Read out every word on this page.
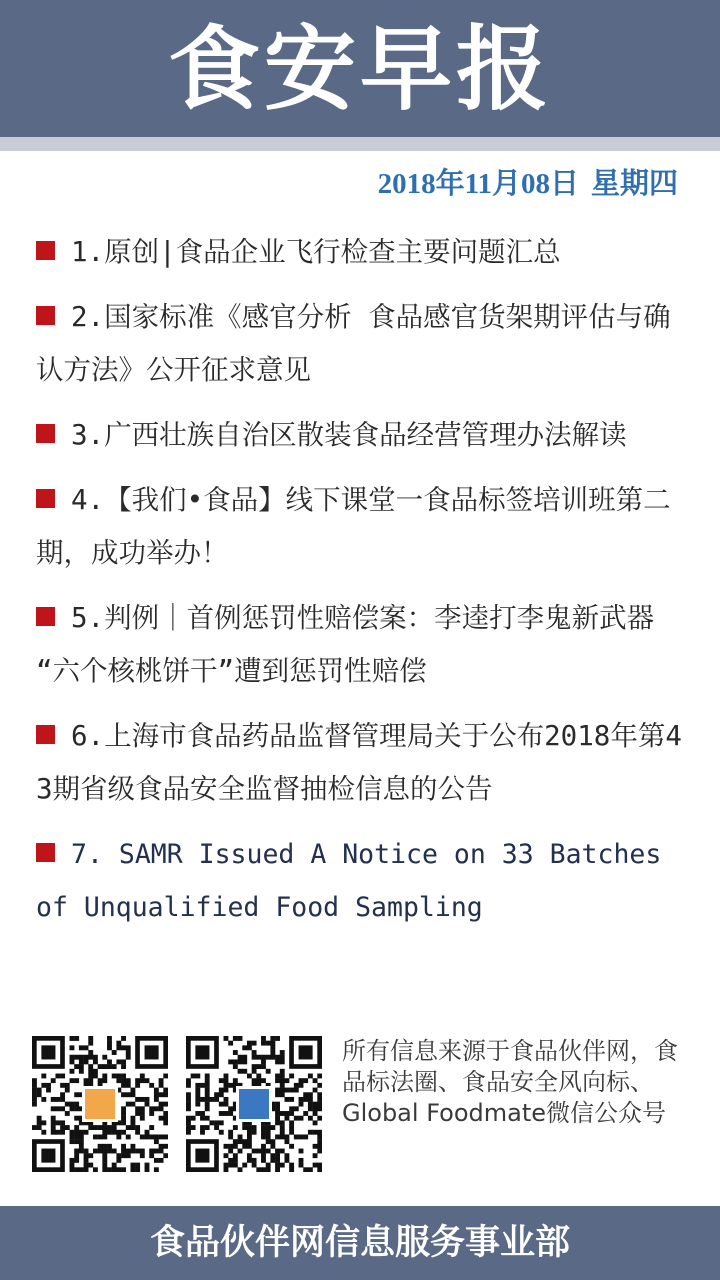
食安早报
2018年11月08日 星期四
1.原创|食品企业飞行检查主要问题汇总
2.国家标准《感官分析 食品感官货架期评估与确认方法》公开征求意见
3.广西壮族自治区散装食品经营管理办法解读
4.【我们•食品】线下课堂一食品标签培训班第二期，成功举办！
5.判例｜首例惩罚性赔偿案：李逵打李鬼新武器 “六个核桃饼干”遭到惩罚性赔偿
6.上海市食品药品监督管理局关于公布2018年第43期省级食品安全监督抽检信息的公告
7. SAMR Issued A Notice on 33 Batches of Unqualified Food Sampling
所有信息来源于食品伙伴网，食品标法圈、食品安全风向标、Global Foodmate微信公众号
食品伙伴网信息服务事业部
